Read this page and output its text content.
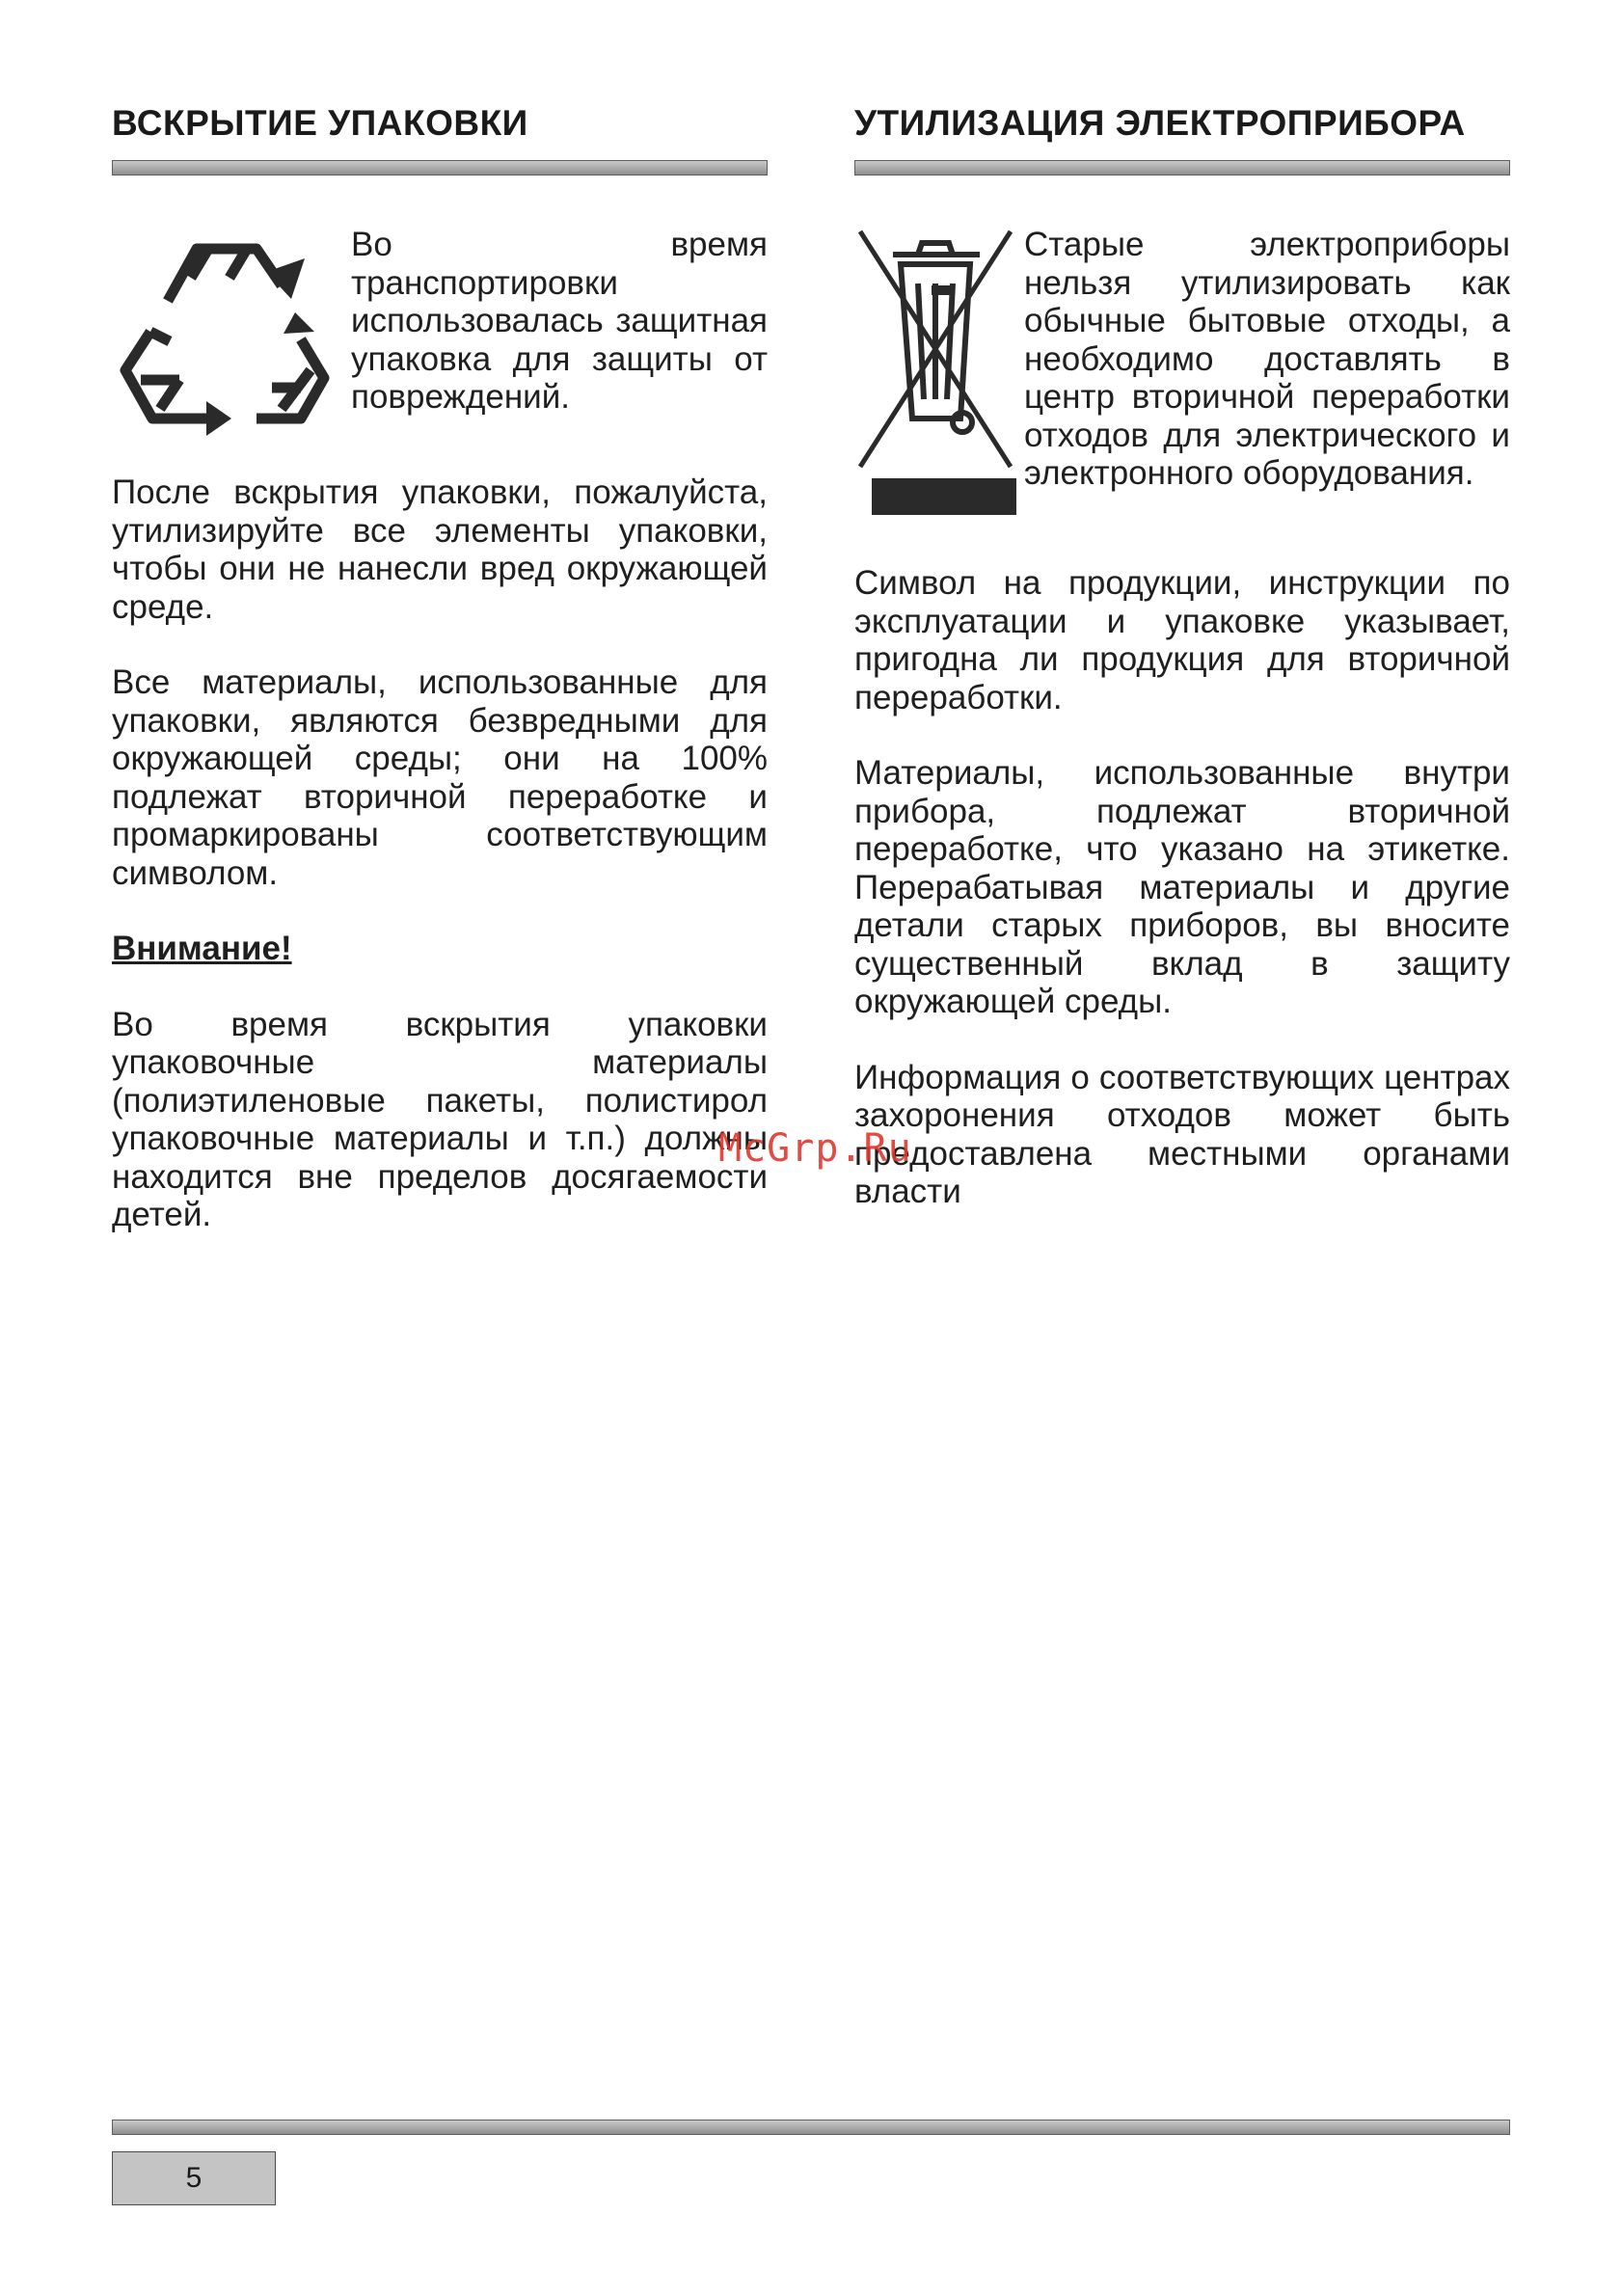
ВСКРЫТИЕ УПАКОВКИ

Во время транспортировки использовалась защитная упаковка для защиты от повреждений.

После вскрытия упаковки, пожалуйста, утилизируйте все элементы упаковки, чтобы они не нанесли вред окружающей среде.

Все материалы, использованные для упаковки, являются безвредными для окружающей среды; они на 100% подлежат вторичной переработке и промаркированы соответствующим символом.

Внимание!

Во время вскрытия упаковки упаковочные материалы (полиэтиленовые пакеты, полистирол упаковочные материалы и т.п.) должны находится вне пределов досягаемости детей.

УТИЛИЗАЦИЯ ЭЛЕКТРОПРИБОРА

Старые электроприборы нельзя утилизировать как обычные бытовые отходы, а необходимо доставлять в центр вторичной переработки отходов для электрического и электронного оборудования.

Символ на продукции, инструкции по эксплуатации и упаковке указывает, пригодна ли продукция для вторичной переработки.

Материалы, использованные внутри прибора, подлежат вторичной переработке, что указано на этикетке. Перерабатывая материалы и другие детали старых приборов, вы вносите существенный вклад в защиту окружающей среды.

Информация о соответствующих центрах захоронения отходов может быть предоставлена местными органами власти

McGrp.Ru
5
